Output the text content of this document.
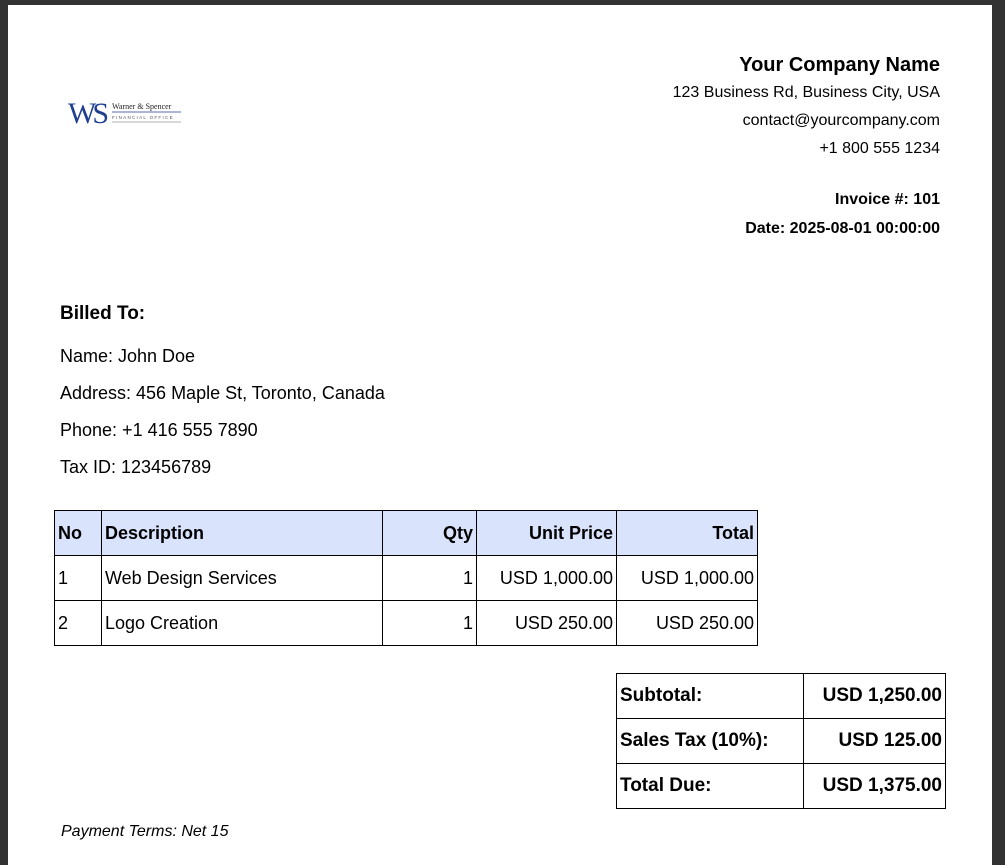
WS Warner & Spencer
FINANCIAL OFFICE
Your Company Name
123 Business Rd, Business City, USA
contact@yourcompany.com
+1 800 555 1234
Invoice #: 101
Date: 2025-08-01 00:00:00
Billed To:
Name: John Doe
Address: 456 Maple St, Toronto, Canada
Phone: +1 416 555 7890
Tax ID: 123456789
No	Description	Qty	Unit Price	Total
1	Web Design Services	1	USD 1,000.00	USD 1,000.00
2	Logo Creation	1	USD 250.00	USD 250.00
Subtotal:	USD 1,250.00
Sales Tax (10%):	USD 125.00
Total Due:	USD 1,375.00
Payment Terms: Net 15
